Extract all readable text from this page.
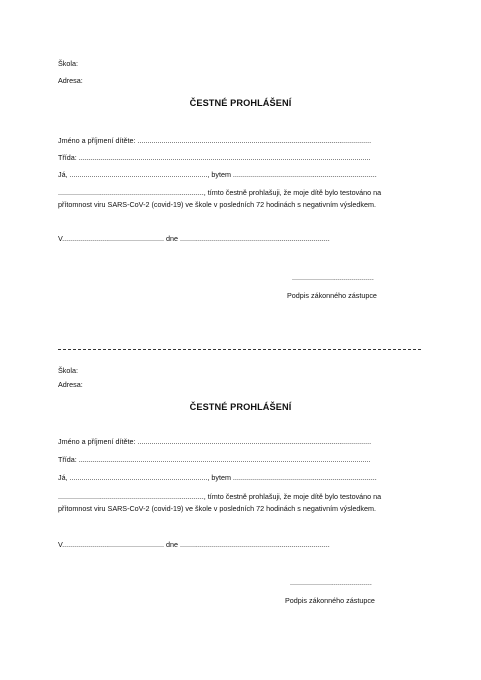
Škola:
Adresa:
ČESTNÉ PROHLÁŠENÍ
Jméno a příjmení dítěte: .....................................................................................................................
Třída: ..................................................................................................................................................
Já, ....................................................................., bytem ........................................................................
........................................................................., tímto čestně prohlašuji, že moje dítě bylo testováno na
přítomnost viru SARS-CoV-2 (covid-19) ve škole v posledních 72 hodinách s negativním výsledkem.
V................................................... dne ...........................................................................
.........................................
Podpis zákonného zástupce
Škola:
Adresa:
ČESTNÉ PROHLÁŠENÍ
Jméno a příjmení dítěte: .....................................................................................................................
Třída: ..................................................................................................................................................
Já, ....................................................................., bytem ........................................................................
........................................................................., tímto čestně prohlašuji, že moje dítě bylo testováno na
přítomnost viru SARS-CoV-2 (covid-19) ve škole v posledních 72 hodinách s negativním výsledkem.
V................................................... dne ...........................................................................
.........................................
Podpis zákonného zástupce
